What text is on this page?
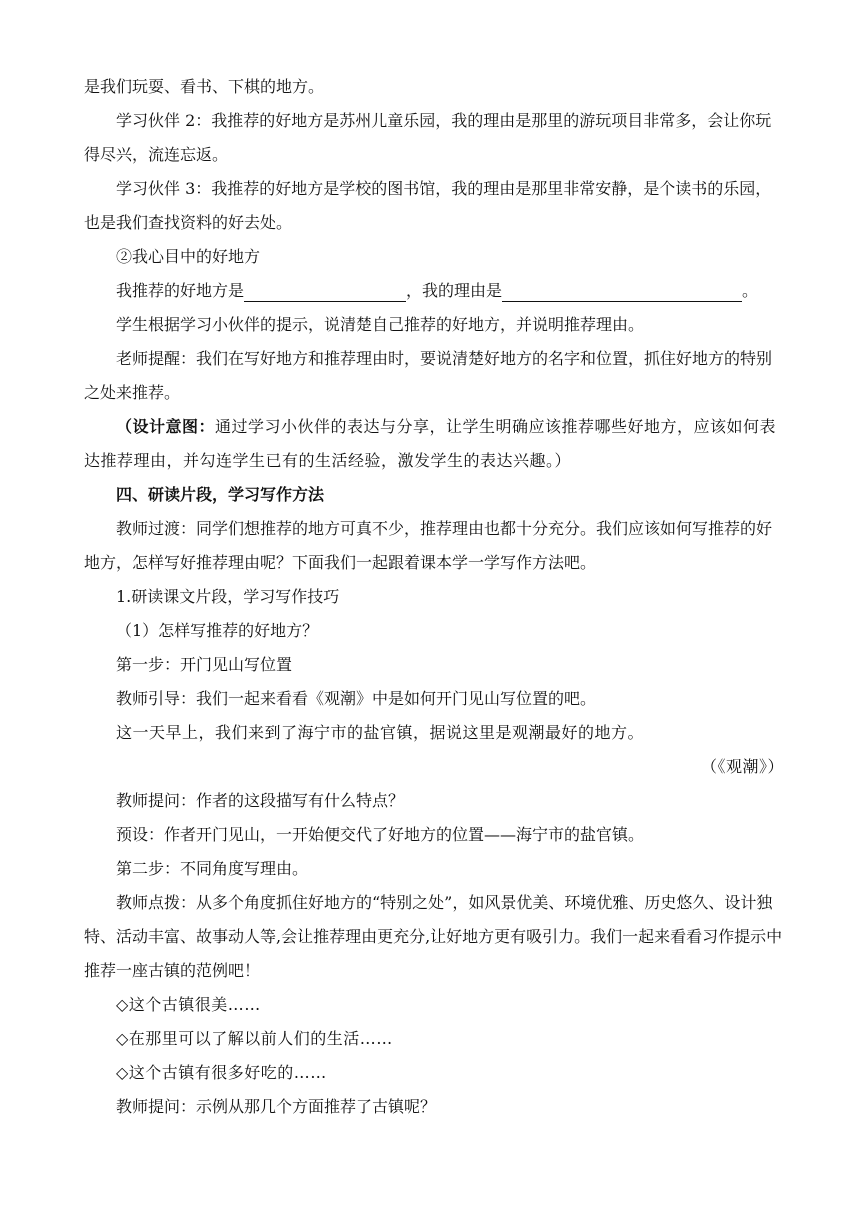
是我们玩耍、看书、下棋的地方。

学习伙伴 2：我推荐的好地方是苏州儿童乐园，我的理由是那里的游玩项目非常多，会让你玩得尽兴，流连忘返。

学习伙伴 3：我推荐的好地方是学校的图书馆，我的理由是那里非常安静，是个读书的乐园，也是我们查找资料的好去处。

②我心目中的好地方

我推荐的好地方是	，我的理由是	。

学生根据学习小伙伴的提示，说清楚自己推荐的好地方，并说明推荐理由。

老师提醒：我们在写好地方和推荐理由时，要说清楚好地方的名字和位置，抓住好地方的特别之处来推荐。

（设计意图：通过学习小伙伴的表达与分享，让学生明确应该推荐哪些好地方，应该如何表达推荐理由，并勾连学生已有的生活经验，激发学生的表达兴趣。）

四、研读片段，学习写作方法

教师过渡：同学们想推荐的地方可真不少，推荐理由也都十分充分。我们应该如何写推荐的好地方，怎样写好推荐理由呢？下面我们一起跟着课本学一学写作方法吧。

1.研读课文片段，学习写作技巧

（1）怎样写推荐的好地方？

第一步：开门见山写位置

教师引导：我们一起来看看《观潮》中是如何开门见山写位置的吧。

这一天早上，我们来到了海宁市的盐官镇，据说这里是观潮最好的地方。

（《观潮》）

教师提问：作者的这段描写有什么特点？

预设：作者开门见山，一开始便交代了好地方的位置——海宁市的盐官镇。

第二步：不同角度写理由。

教师点拨：从多个角度抓住好地方的“特别之处”，如风景优美、环境优雅、历史悠久、设计独特、活动丰富、故事动人等,会让推荐理由更充分,让好地方更有吸引力。我们一起来看看习作提示中推荐一座古镇的范例吧！

◇这个古镇很美……

◇在那里可以了解以前人们的生活……

◇这个古镇有很多好吃的……

教师提问：示例从那几个方面推荐了古镇呢？
